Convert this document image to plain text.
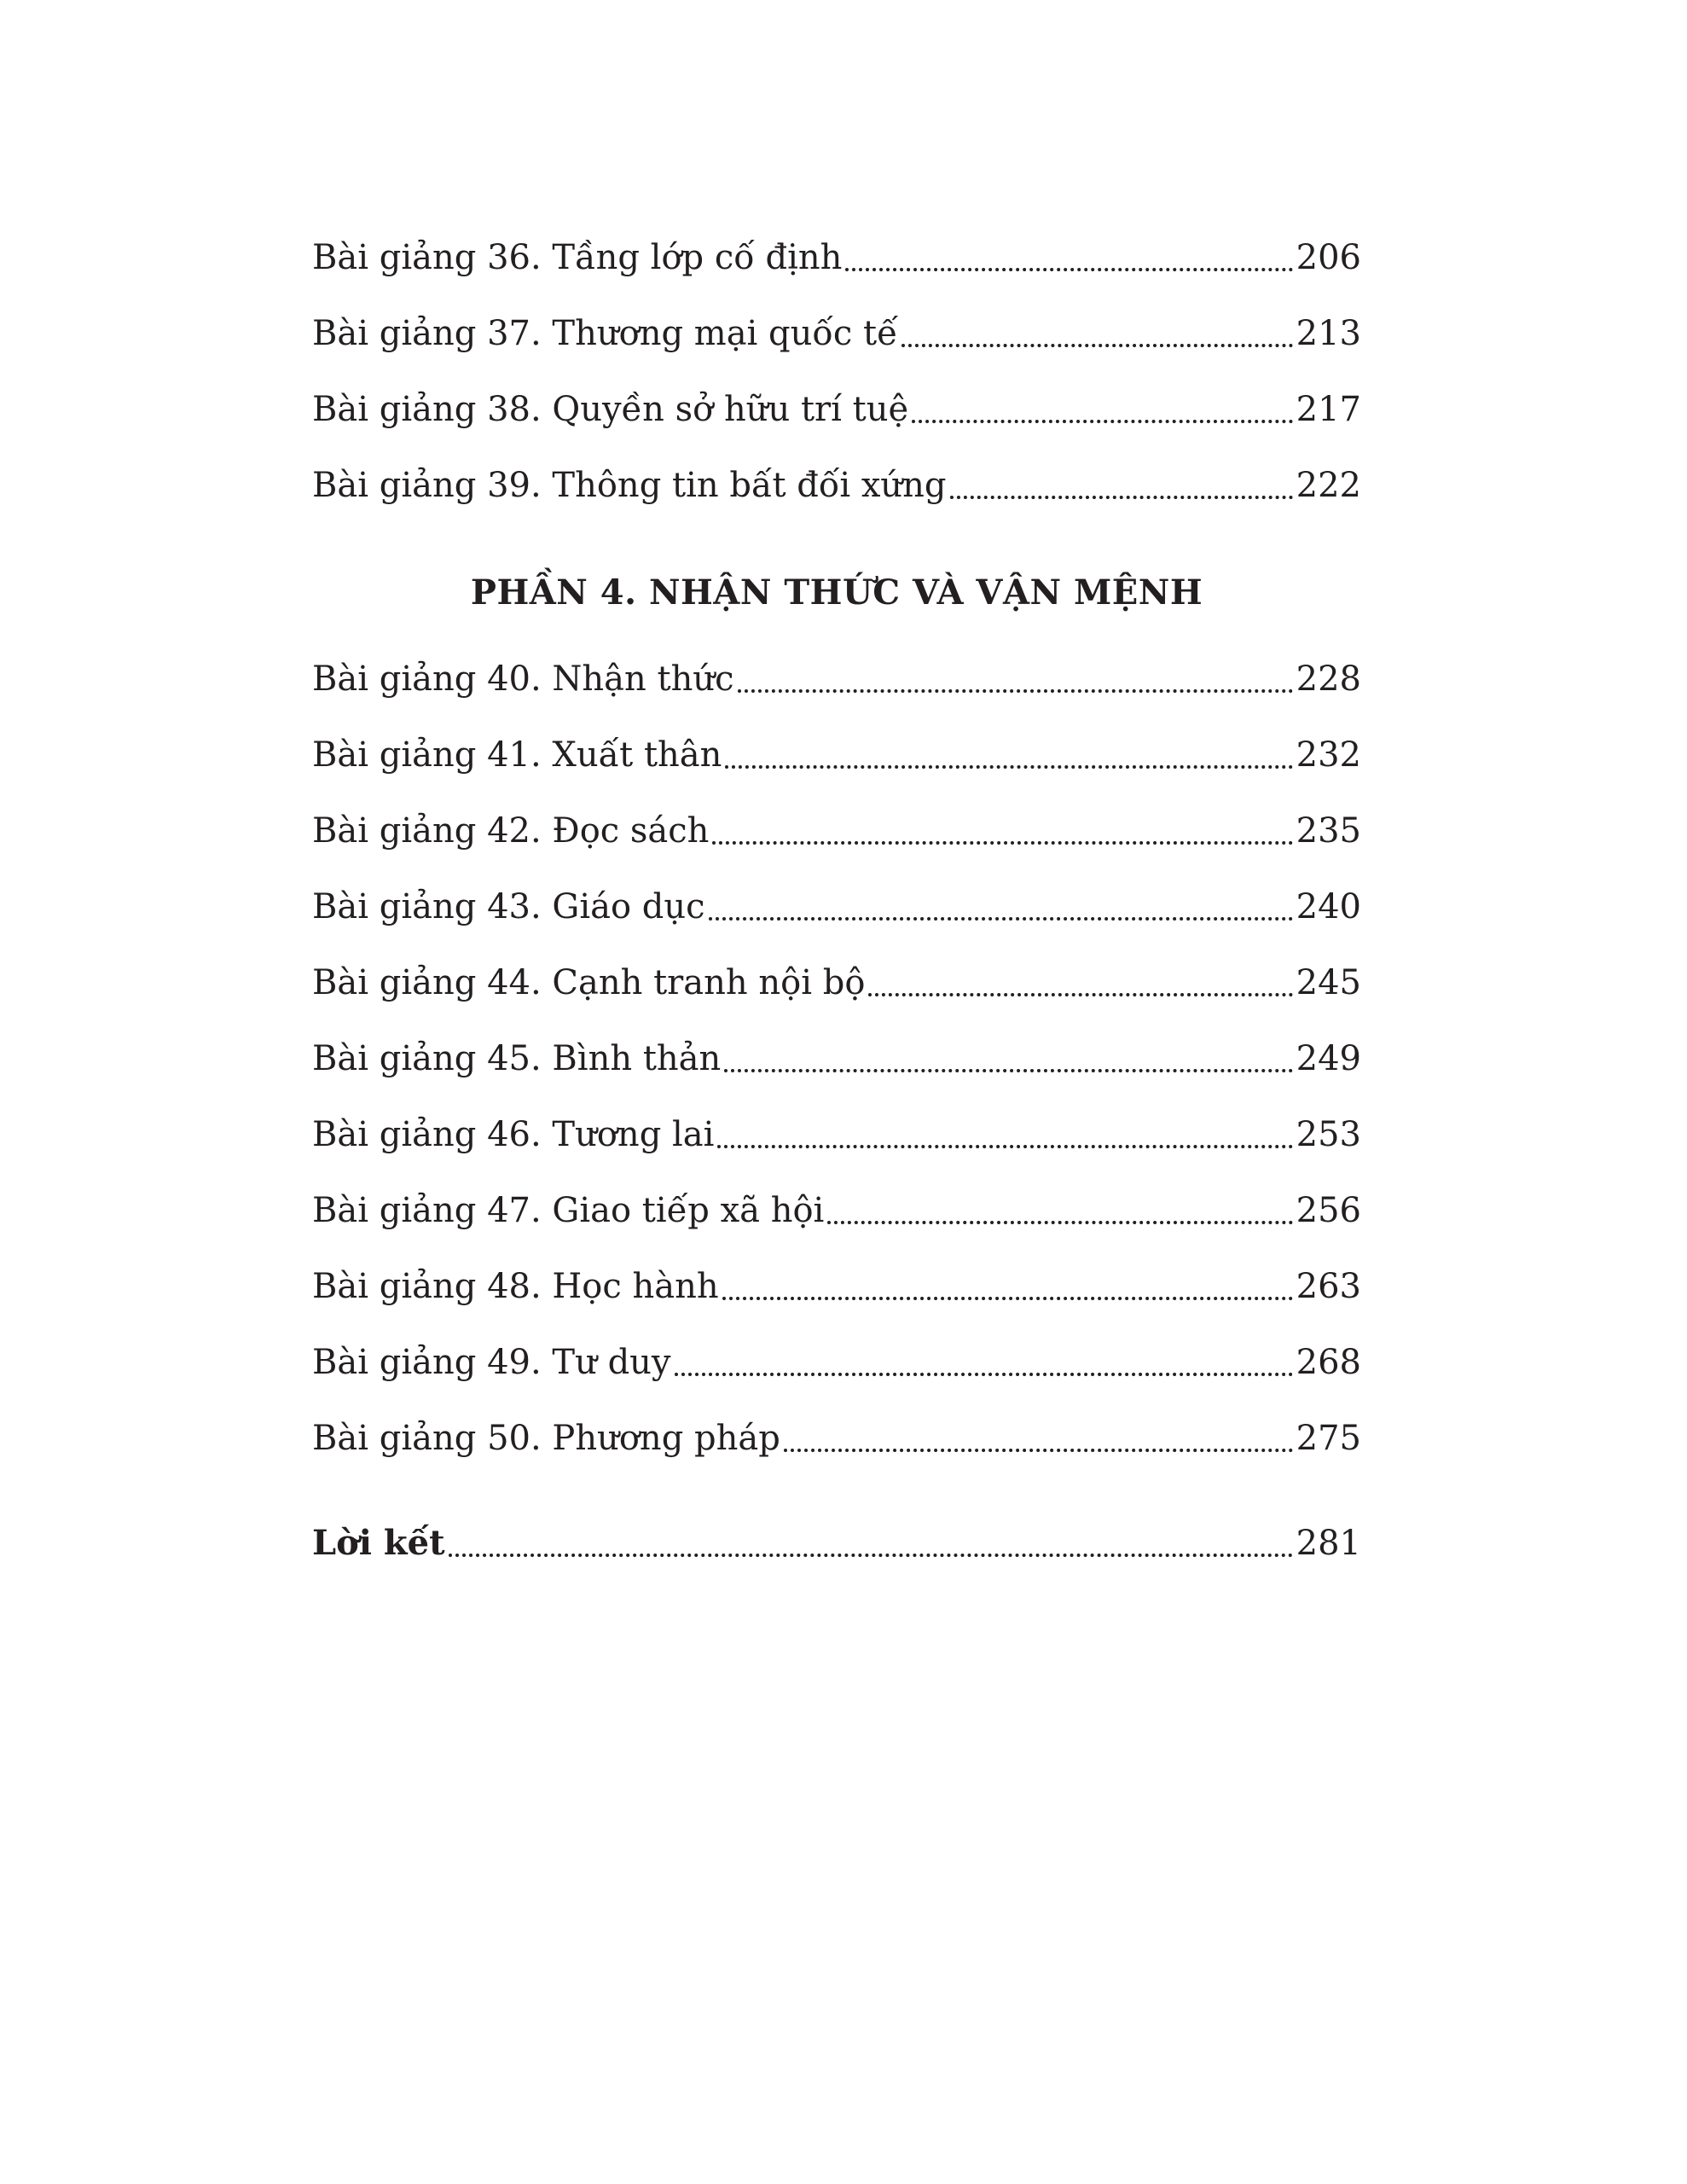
Bài giảng 36. Tầng lớp cố định	206
Bài giảng 37. Thương mại quốc tế	213
Bài giảng 38. Quyền sở hữu trí tuệ	217
Bài giảng 39. Thông tin bất đối xứng	222
PHẦN 4. NHẬN THỨC VÀ VẬN MỆNH
Bài giảng 40. Nhận thức	228
Bài giảng 41. Xuất thân	232
Bài giảng 42. Đọc sách	235
Bài giảng 43. Giáo dục	240
Bài giảng 44. Cạnh tranh nội bộ	245
Bài giảng 45. Bình thản	249
Bài giảng 46. Tương lai	253
Bài giảng 47. Giao tiếp xã hội	256
Bài giảng 48. Học hành	263
Bài giảng 49. Tư duy	268
Bài giảng 50. Phương pháp	275
Lời kết	281
